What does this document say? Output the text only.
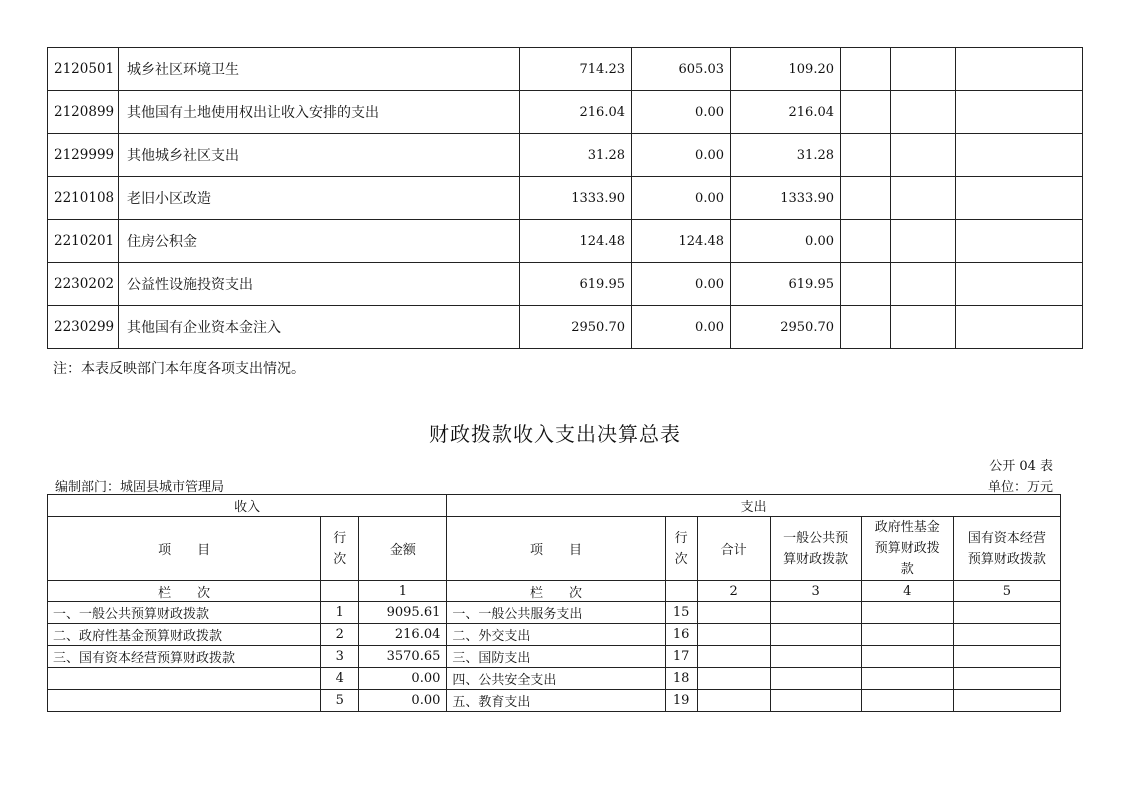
2120501	城乡社区环境卫生	714.23	605.03	109.20			
2120899	其他国有土地使用权出让收入安排的支出	216.04	0.00	216.04			
2129999	其他城乡社区支出	31.28	0.00	31.28			
2210108	老旧小区改造	1333.90	0.00	1333.90			
2210201	住房公积金	124.48	124.48	0.00			
2230202	公益性设施投资支出	619.95	0.00	619.95			
2230299	其他国有企业资本金注入	2950.70	0.00	2950.70			
注：本表反映部门本年度各项支出情况。
财政拨款收入支出决算总表
公开 04 表
编制部门：城固县城市管理局	单位：万元
收入			支出					
项　　目	行次	金额	项　　目	行次	合计	一般公共预算财政拨款	政府性基金预算财政拨款	国有资本经营预算财政拨款
栏　　次		1	栏　　次		2	3	4	5
一、一般公共预算财政拨款	1	9095.61	一、一般公共服务支出	15				
二、政府性基金预算财政拨款	2	216.04	二、外交支出	16				
三、国有资本经营预算财政拨款	3	3570.65	三、国防支出	17				
	4	0.00	四、公共安全支出	18				
	5	0.00	五、教育支出	19				
